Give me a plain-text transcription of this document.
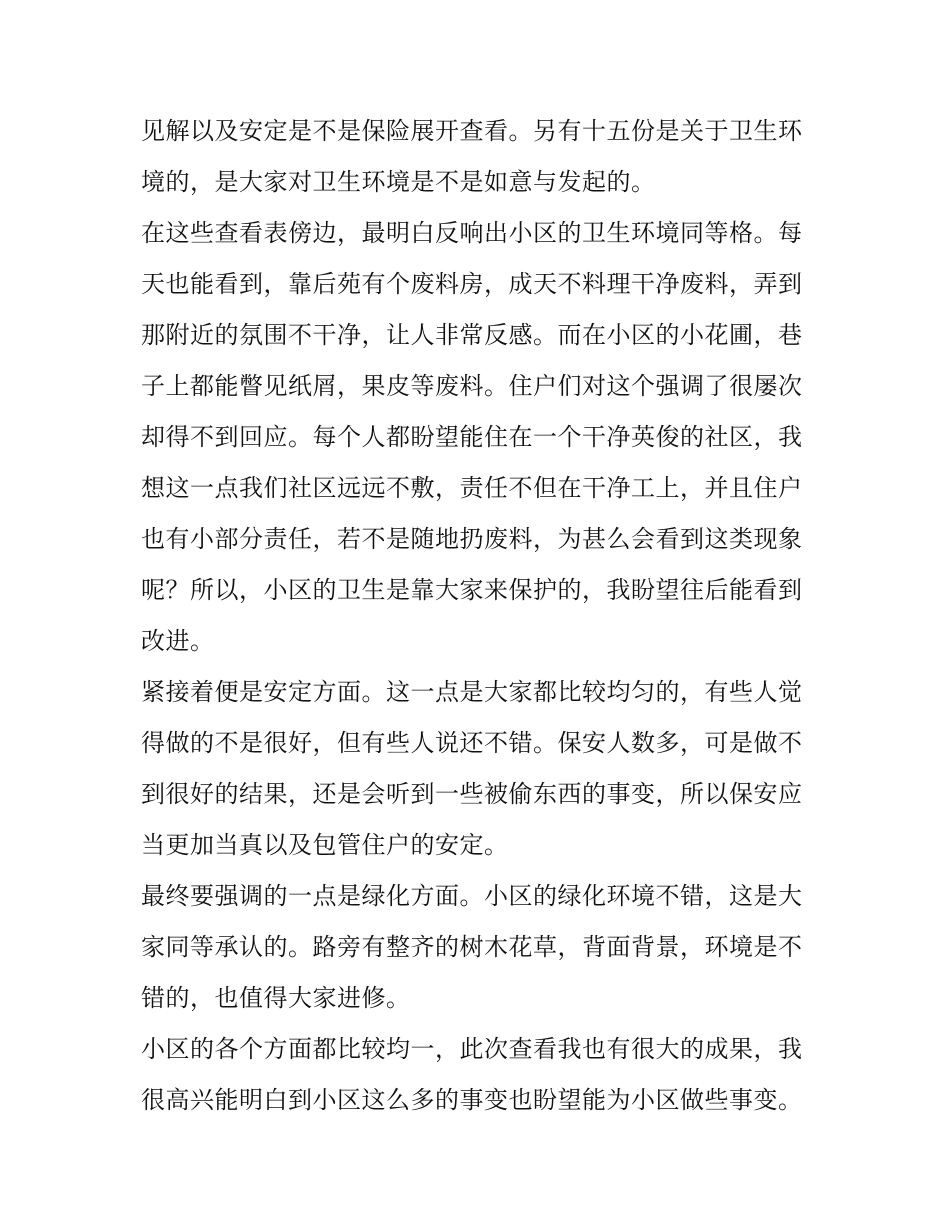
见解以及安定是不是保险展开查看。另有十五份是关于卫生环
境的，是大家对卫生环境是不是如意与发起的。
在这些查看表傍边，最明白反响出小区的卫生环境同等格。每
天也能看到，靠后苑有个废料房，成天不料理干净废料，弄到
那附近的氛围不干净，让人非常反感。而在小区的小花圃，巷
子上都能瞥见纸屑，果皮等废料。住户们对这个强调了很屡次
却得不到回应。每个人都盼望能住在一个干净英俊的社区，我
想这一点我们社区远远不敷，责任不但在干净工上，并且住户
也有小部分责任，若不是随地扔废料，为甚么会看到这类现象
呢？所以，小区的卫生是靠大家来保护的，我盼望往后能看到
改进。
紧接着便是安定方面。这一点是大家都比较均匀的，有些人觉
得做的不是很好，但有些人说还不错。保安人数多，可是做不
到很好的结果，还是会听到一些被偷东西的事变，所以保安应
当更加当真以及包管住户的安定。
最终要强调的一点是绿化方面。小区的绿化环境不错，这是大
家同等承认的。路旁有整齐的树木花草，背面背景，环境是不
错的，也值得大家进修。
小区的各个方面都比较均一，此次查看我也有很大的成果，我
很高兴能明白到小区这么多的事变也盼望能为小区做些事变。
